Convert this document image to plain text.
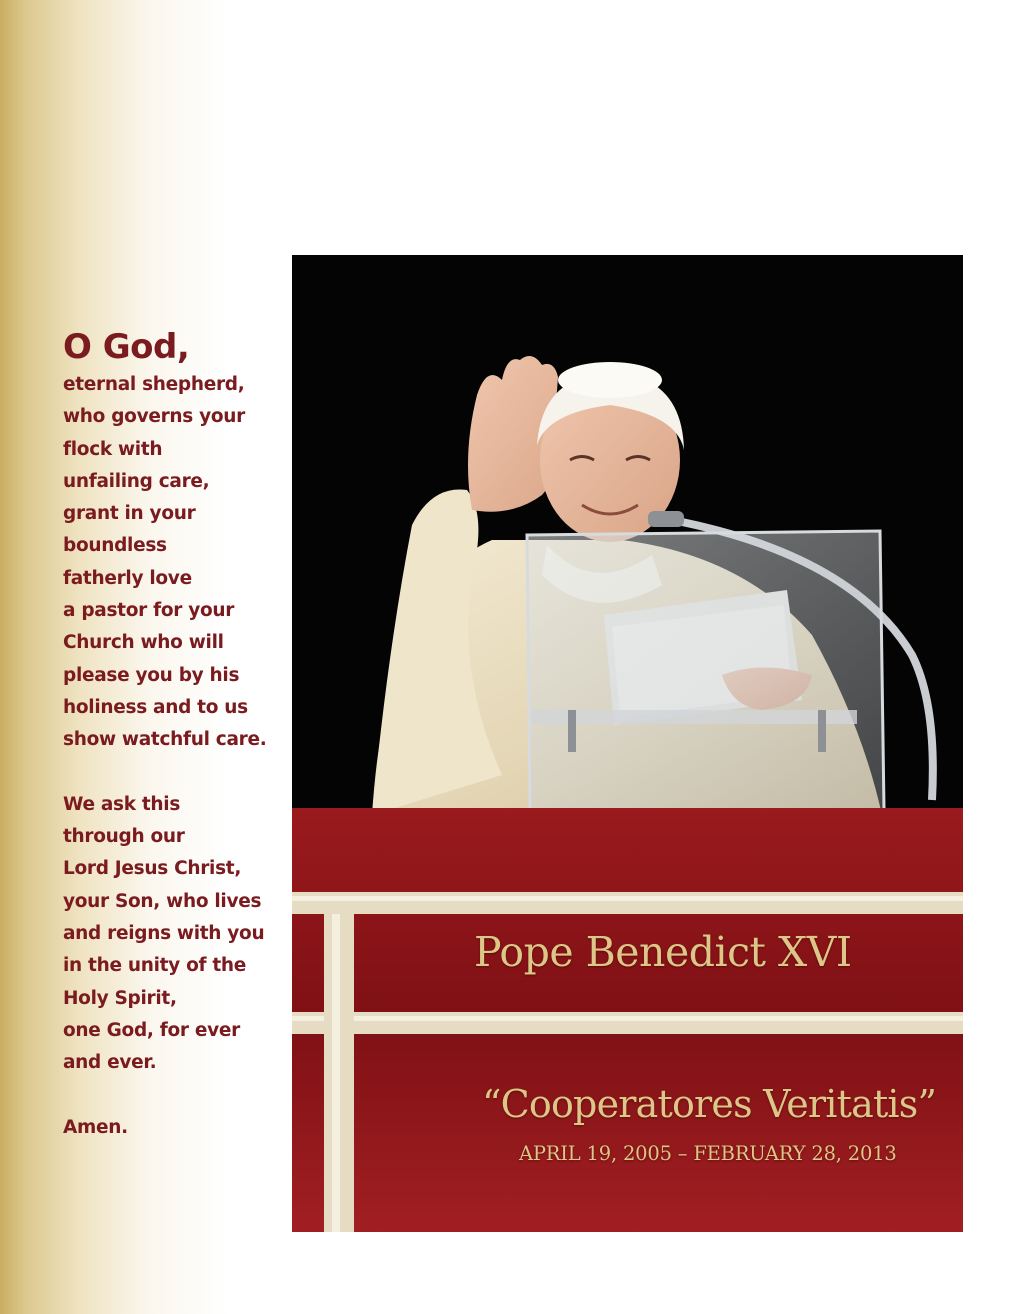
O God,
eternal shepherd,
who governs your
flock with
unfailing care,
grant in your
boundless
fatherly love
a pastor for your
Church who will
please you by his
holiness and to us
show watchful care.
We ask this
through our
Lord Jesus Christ,
your Son, who lives
and reigns with you
in the unity of the
Holy Spirit,
one God, for ever
and ever.
Amen.
Pope Benedict XVI
“Cooperatores Veritatis”
APRIL 19, 2005 – FEBRUARY 28, 2013
